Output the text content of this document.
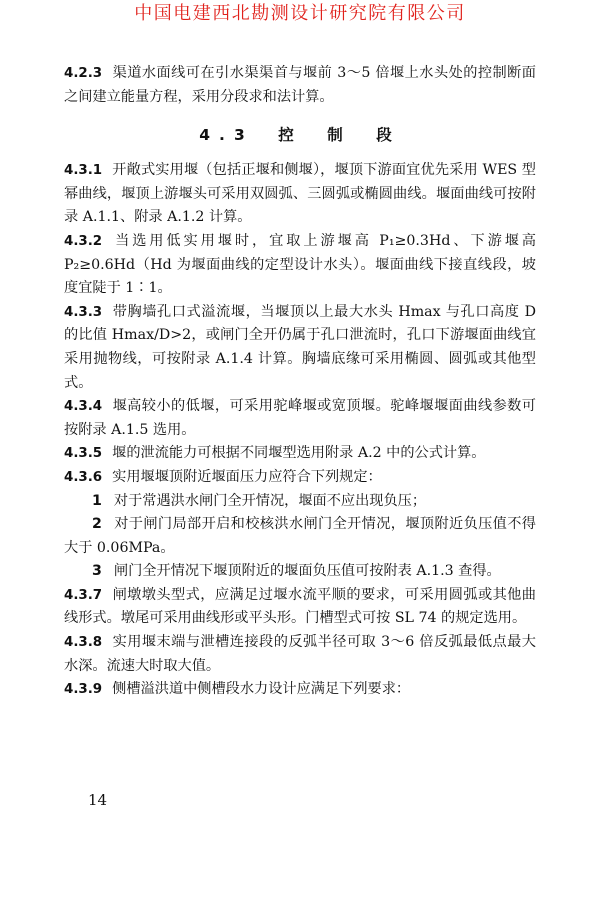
中国电建西北勘测设计研究院有限公司

4.2.3 渠道水面线可在引水渠渠首与堰前 3～5 倍堰上水头处的控制断面之间建立能量方程，采用分段求和法计算。

4.3　控　制　段

4.3.1 开敞式实用堰（包括正堰和侧堰），堰顶下游面宜优先采用 WES 型幂曲线，堰顶上游堰头可采用双圆弧、三圆弧或椭圆曲线。堰面曲线可按附录 A.1.1、附录 A.1.2 计算。

4.3.2 当选用低实用堰时，宜取上游堰高 P₁≥0.3Hd、下游堰高 P₂≥0.6Hd（Hd 为堰面曲线的定型设计水头）。堰面曲线下接直线段，坡度宜陡于 1∶1。

4.3.3 带胸墙孔口式溢流堰，当堰顶以上最大水头 Hmax 与孔口高度 D 的比值 Hmax/D>2，或闸门全开仍属于孔口泄流时，孔口下游堰面曲线宜采用抛物线，可按附录 A.1.4 计算。胸墙底缘可采用椭圆、圆弧或其他型式。

4.3.4 堰高较小的低堰，可采用驼峰堰或宽顶堰。驼峰堰堰面曲线参数可按附录 A.1.5 选用。

4.3.5 堰的泄流能力可根据不同堰型选用附录 A.2 中的公式计算。

4.3.6 实用堰堰顶附近堰面压力应符合下列规定：

1 对于常遇洪水闸门全开情况，堰面不应出现负压；

2 对于闸门局部开启和校核洪水闸门全开情况，堰顶附近负压值不得大于 0.06MPa。

3 闸门全开情况下堰顶附近的堰面负压值可按附表 A.1.3 查得。

4.3.7 闸墩墩头型式，应满足过堰水流平顺的要求，可采用圆弧或其他曲线形式。墩尾可采用曲线形或平头形。门槽型式可按 SL 74 的规定选用。

4.3.8 实用堰末端与泄槽连接段的反弧半径可取 3～6 倍反弧最低点最大水深。流速大时取大值。

4.3.9 侧槽溢洪道中侧槽段水力设计应满足下列要求：

14
